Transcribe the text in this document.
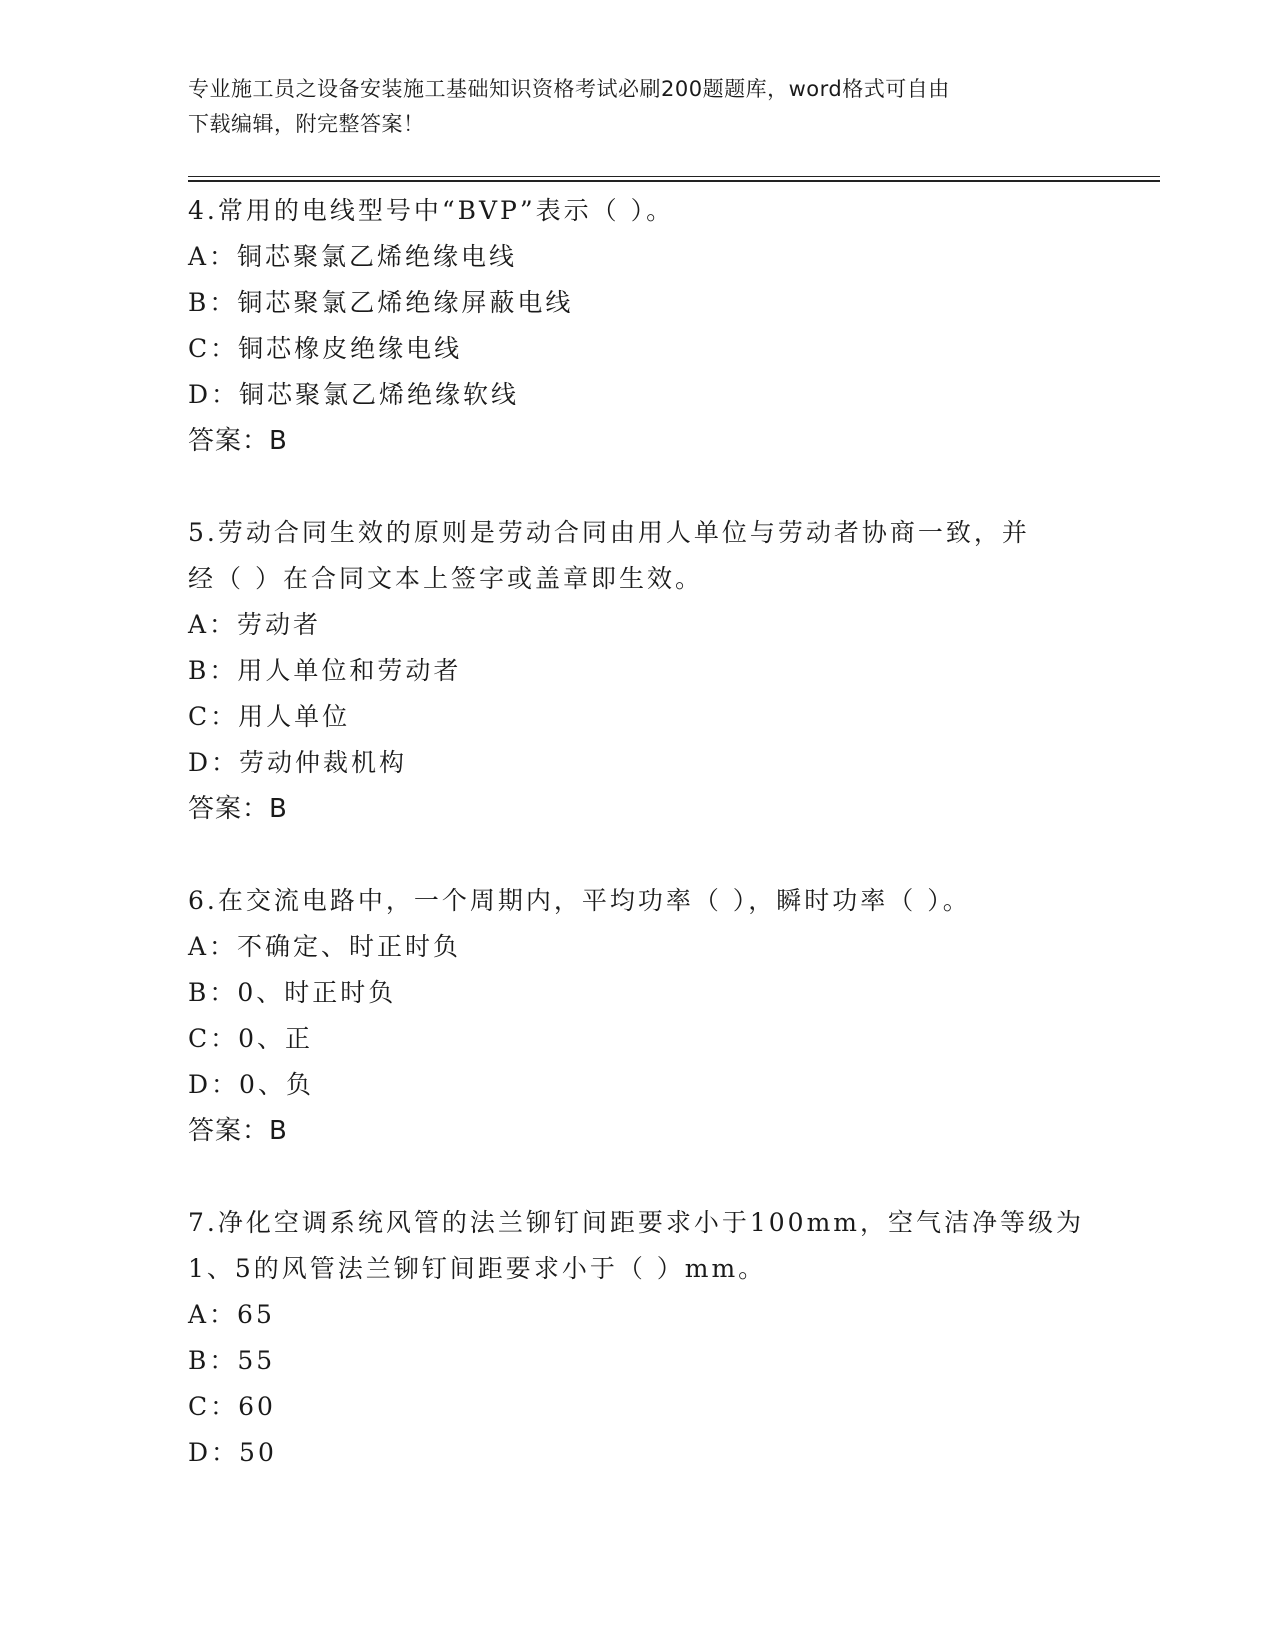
专业施工员之设备安装施工基础知识资格考试必刷200题题库，word格式可自由
下载编辑，附完整答案！
4.常用的电线型号中“BVP”表示（ ）。
A：铜芯聚氯乙烯绝缘电线
B：铜芯聚氯乙烯绝缘屏蔽电线
C：铜芯橡皮绝缘电线
D：铜芯聚氯乙烯绝缘软线
答案：B
5.劳动合同生效的原则是劳动合同由用人单位与劳动者协商一致，并
经（ ）在合同文本上签字或盖章即生效。
A：劳动者
B：用人单位和劳动者
C：用人单位
D：劳动仲裁机构
答案：B
6.在交流电路中，一个周期内，平均功率（ ），瞬时功率（ ）。
A：不确定、时正时负
B：0、时正时负
C：0、正
D：0、负
答案：B
7.净化空调系统风管的法兰铆钉间距要求小于100mm，空气洁净等级为
1、5的风管法兰铆钉间距要求小于（ ）mm。
A：65
B：55
C：60
D：50
